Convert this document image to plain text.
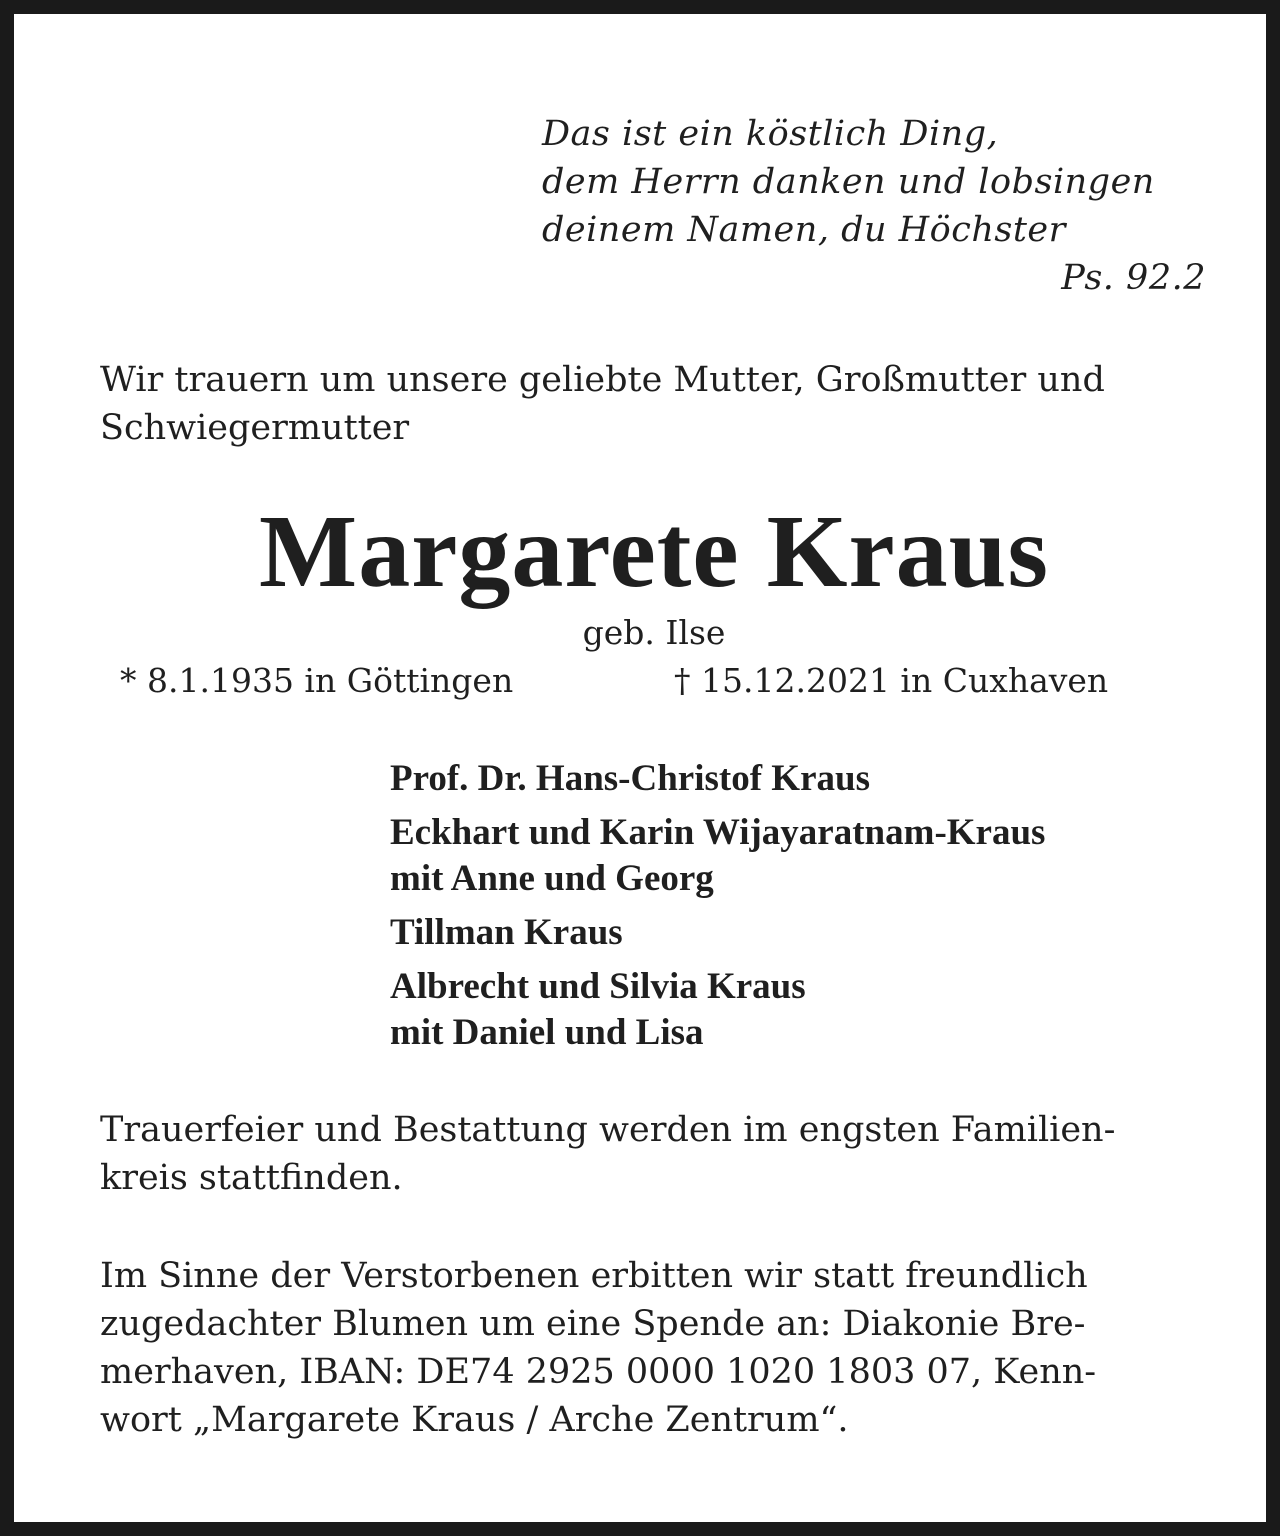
Das ist ein köstlich Ding,
dem Herrn danken und lobsingen
deinem Namen, du Höchster
Ps. 92.2
Wir trauern um unsere geliebte Mutter, Großmutter und
Schwiegermutter
Margarete Kraus
geb. Ilse
* 8.1.1935 in Göttingen	† 15.12.2021 in Cuxhaven
Prof. Dr. Hans-Christof Kraus
Eckhart und Karin Wijayaratnam-Kraus
mit Anne und Georg
Tillman Kraus
Albrecht und Silvia Kraus
mit Daniel und Lisa
Trauerfeier und Bestattung werden im engsten Familien-
kreis stattfinden.
Im Sinne der Verstorbenen erbitten wir statt freundlich
zugedachter Blumen um eine Spende an: Diakonie Bre-
merhaven, IBAN: DE74 2925 0000 1020 1803 07, Kenn-
wort „Margarete Kraus / Arche Zentrum“.
